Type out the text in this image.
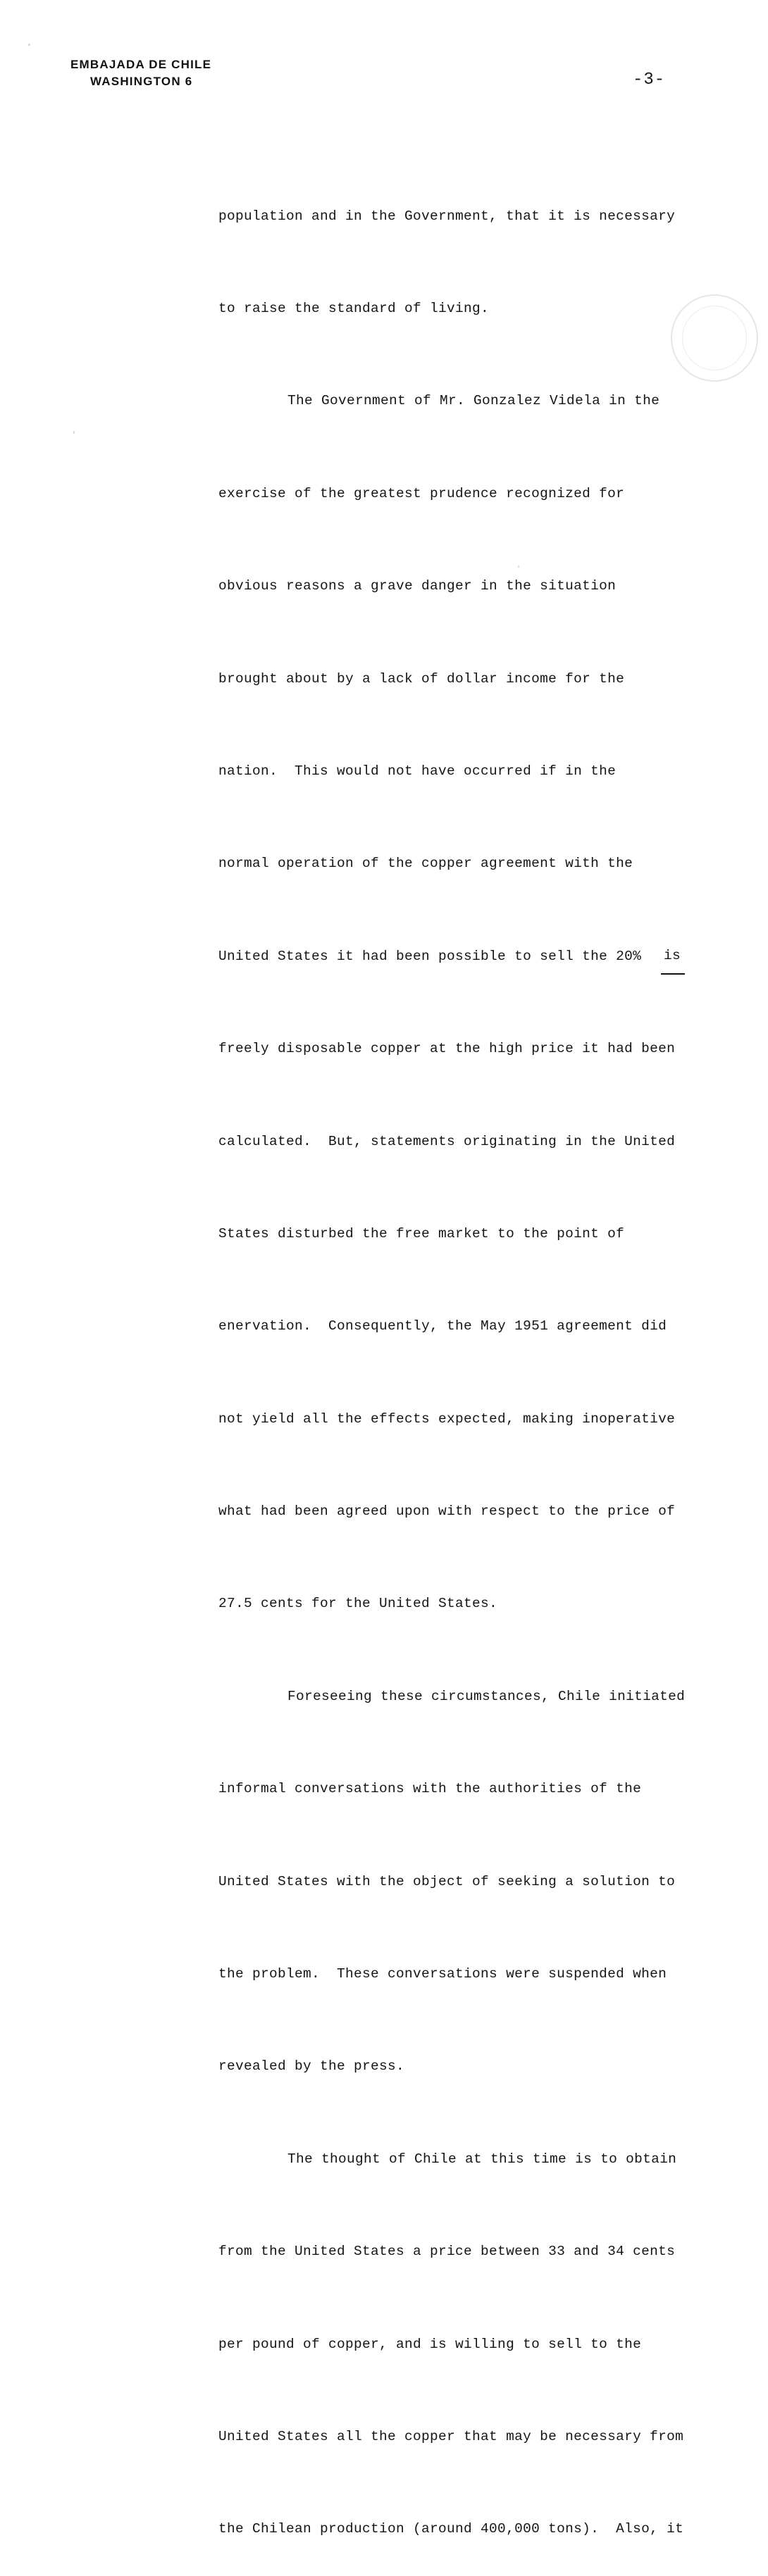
EMBAJADA DE CHILE
WASHINGTON 6	-3-

population and in the Government, that it is necessary

to raise the standard of living.

The Government of Mr. Gonzalez Videla in the

exercise of the greatest prudence recognized for

obvious reasons a grave danger in the situation

brought about by a lack of dollar income for the

nation.  This would not have occurred if in the

normal operation of the copper agreement with the

United States it had been possible to sell the 20%

freely disposable copper at the high price it had been

calculated.  But, statements originating in the United

States disturbed the free market to the point of

enervation.  Consequently, the May 1951 agreement did

not yield all the effects expected, making inoperative

what had been agreed upon with respect to the price of

27.5 cents for the United States.

Foreseeing these circumstances, Chile initiated

informal conversations with the authorities of the

United States with the object of seeking a solution to

the problem.  These conversations were suspended when

revealed by the press.

The thought of Chile at this time is to obtain

from the United States a price between 33 and 34 cents

per pound of copper, and is willing to sell to the

United States all the copper that may be necessary from

the Chilean production (around 400,000 tons).  Also, it

is
